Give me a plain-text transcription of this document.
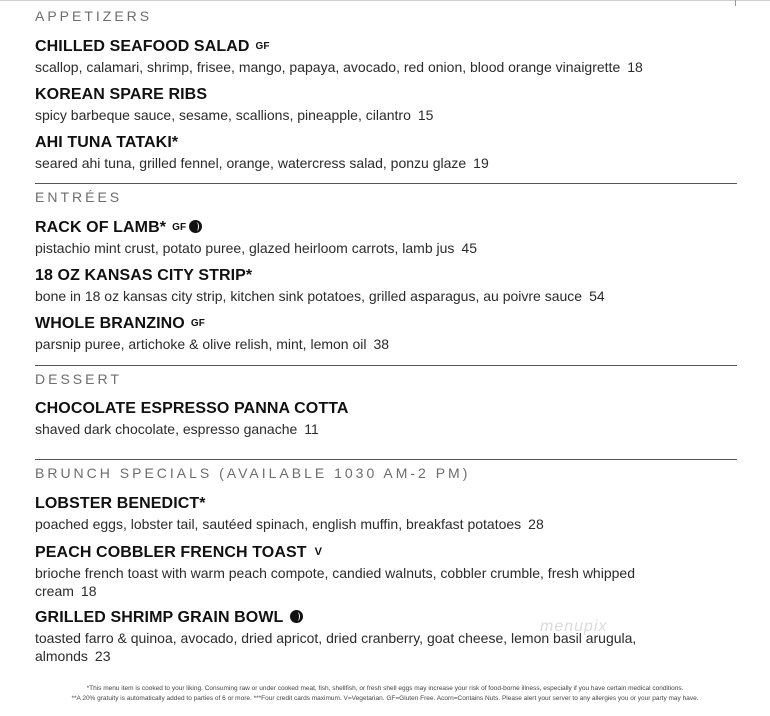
APPETIZERS
CHILLED SEAFOOD SALAD GF
scallop, calamari, shrimp, frisee, mango, papaya, avocado, red onion, blood orange vinaigrette 18
KOREAN SPARE RIBS
spicy barbeque sauce, sesame, scallions, pineapple, cilantro 15
AHI TUNA TATAKI*
seared ahi tuna, grilled fennel, orange, watercress salad, ponzu glaze 19
ENTRÉES
RACK OF LAMB* GF
pistachio mint crust, potato puree, glazed heirloom carrots, lamb jus 45
18 OZ KANSAS CITY STRIP*
bone in 18 oz kansas city strip, kitchen sink potatoes, grilled asparagus, au poivre sauce 54
WHOLE BRANZINO GF
parsnip puree, artichoke & olive relish, mint, lemon oil 38
DESSERT
CHOCOLATE ESPRESSO PANNA COTTA
shaved dark chocolate, espresso ganache 11
BRUNCH SPECIALS (AVAILABLE 1030 AM-2 PM)
LOBSTER BENEDICT*
poached eggs, lobster tail, sautéed spinach, english muffin, breakfast potatoes 28
PEACH COBBLER FRENCH TOAST V
brioche french toast with warm peach compote, candied walnuts, cobbler crumble, fresh whipped cream 18
GRILLED SHRIMP GRAIN BOWL
toasted farro & quinoa, avocado, dried apricot, dried cranberry, goat cheese, lemon basil arugula, almonds 23
menupix
*This menu item is cooked to your liking. Consuming raw or under cooked meat, fish, shellfish, or fresh shell eggs may increase your risk of food-borne illness, especially if you have certain medical conditions.
**A 20% gratuity is automatically added to parties of 6 or more. ***Four credit cards maximum. V=Vegetarian. GF=Gluten Free. Acorn=Contains Nuts. Please alert your server to any allergies you or your party may have.
